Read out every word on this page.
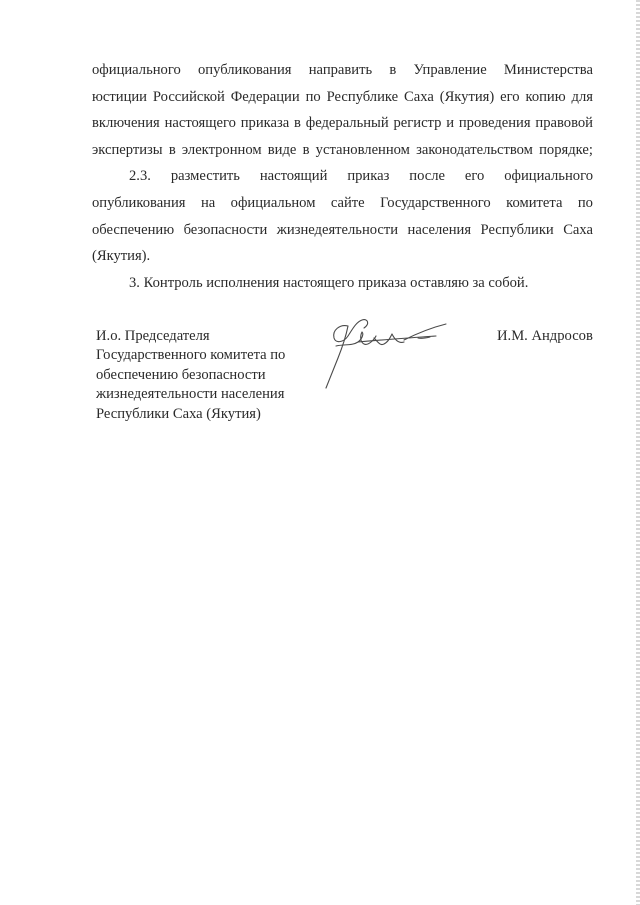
официального опубликования направить в Управление Министерства
юстиции Российской Федерации по Республике Саха (Якутия) его копию для
включения настоящего приказа в федеральный регистр и проведения правовой
экспертизы в электронном виде в установленном законодательством порядке;
2.3. разместить настоящий приказ после его официального
опубликования на официальном сайте Государственного комитета по
обеспечению безопасности жизнедеятельности населения Республики Саха
(Якутия).
3. Контроль исполнения настоящего приказа оставляю за собой.
И.о. Председателя
Государственного комитета по
обеспечению безопасности
жизнедеятельности населения
Республики Саха (Якутия)
И.М. Андросов
